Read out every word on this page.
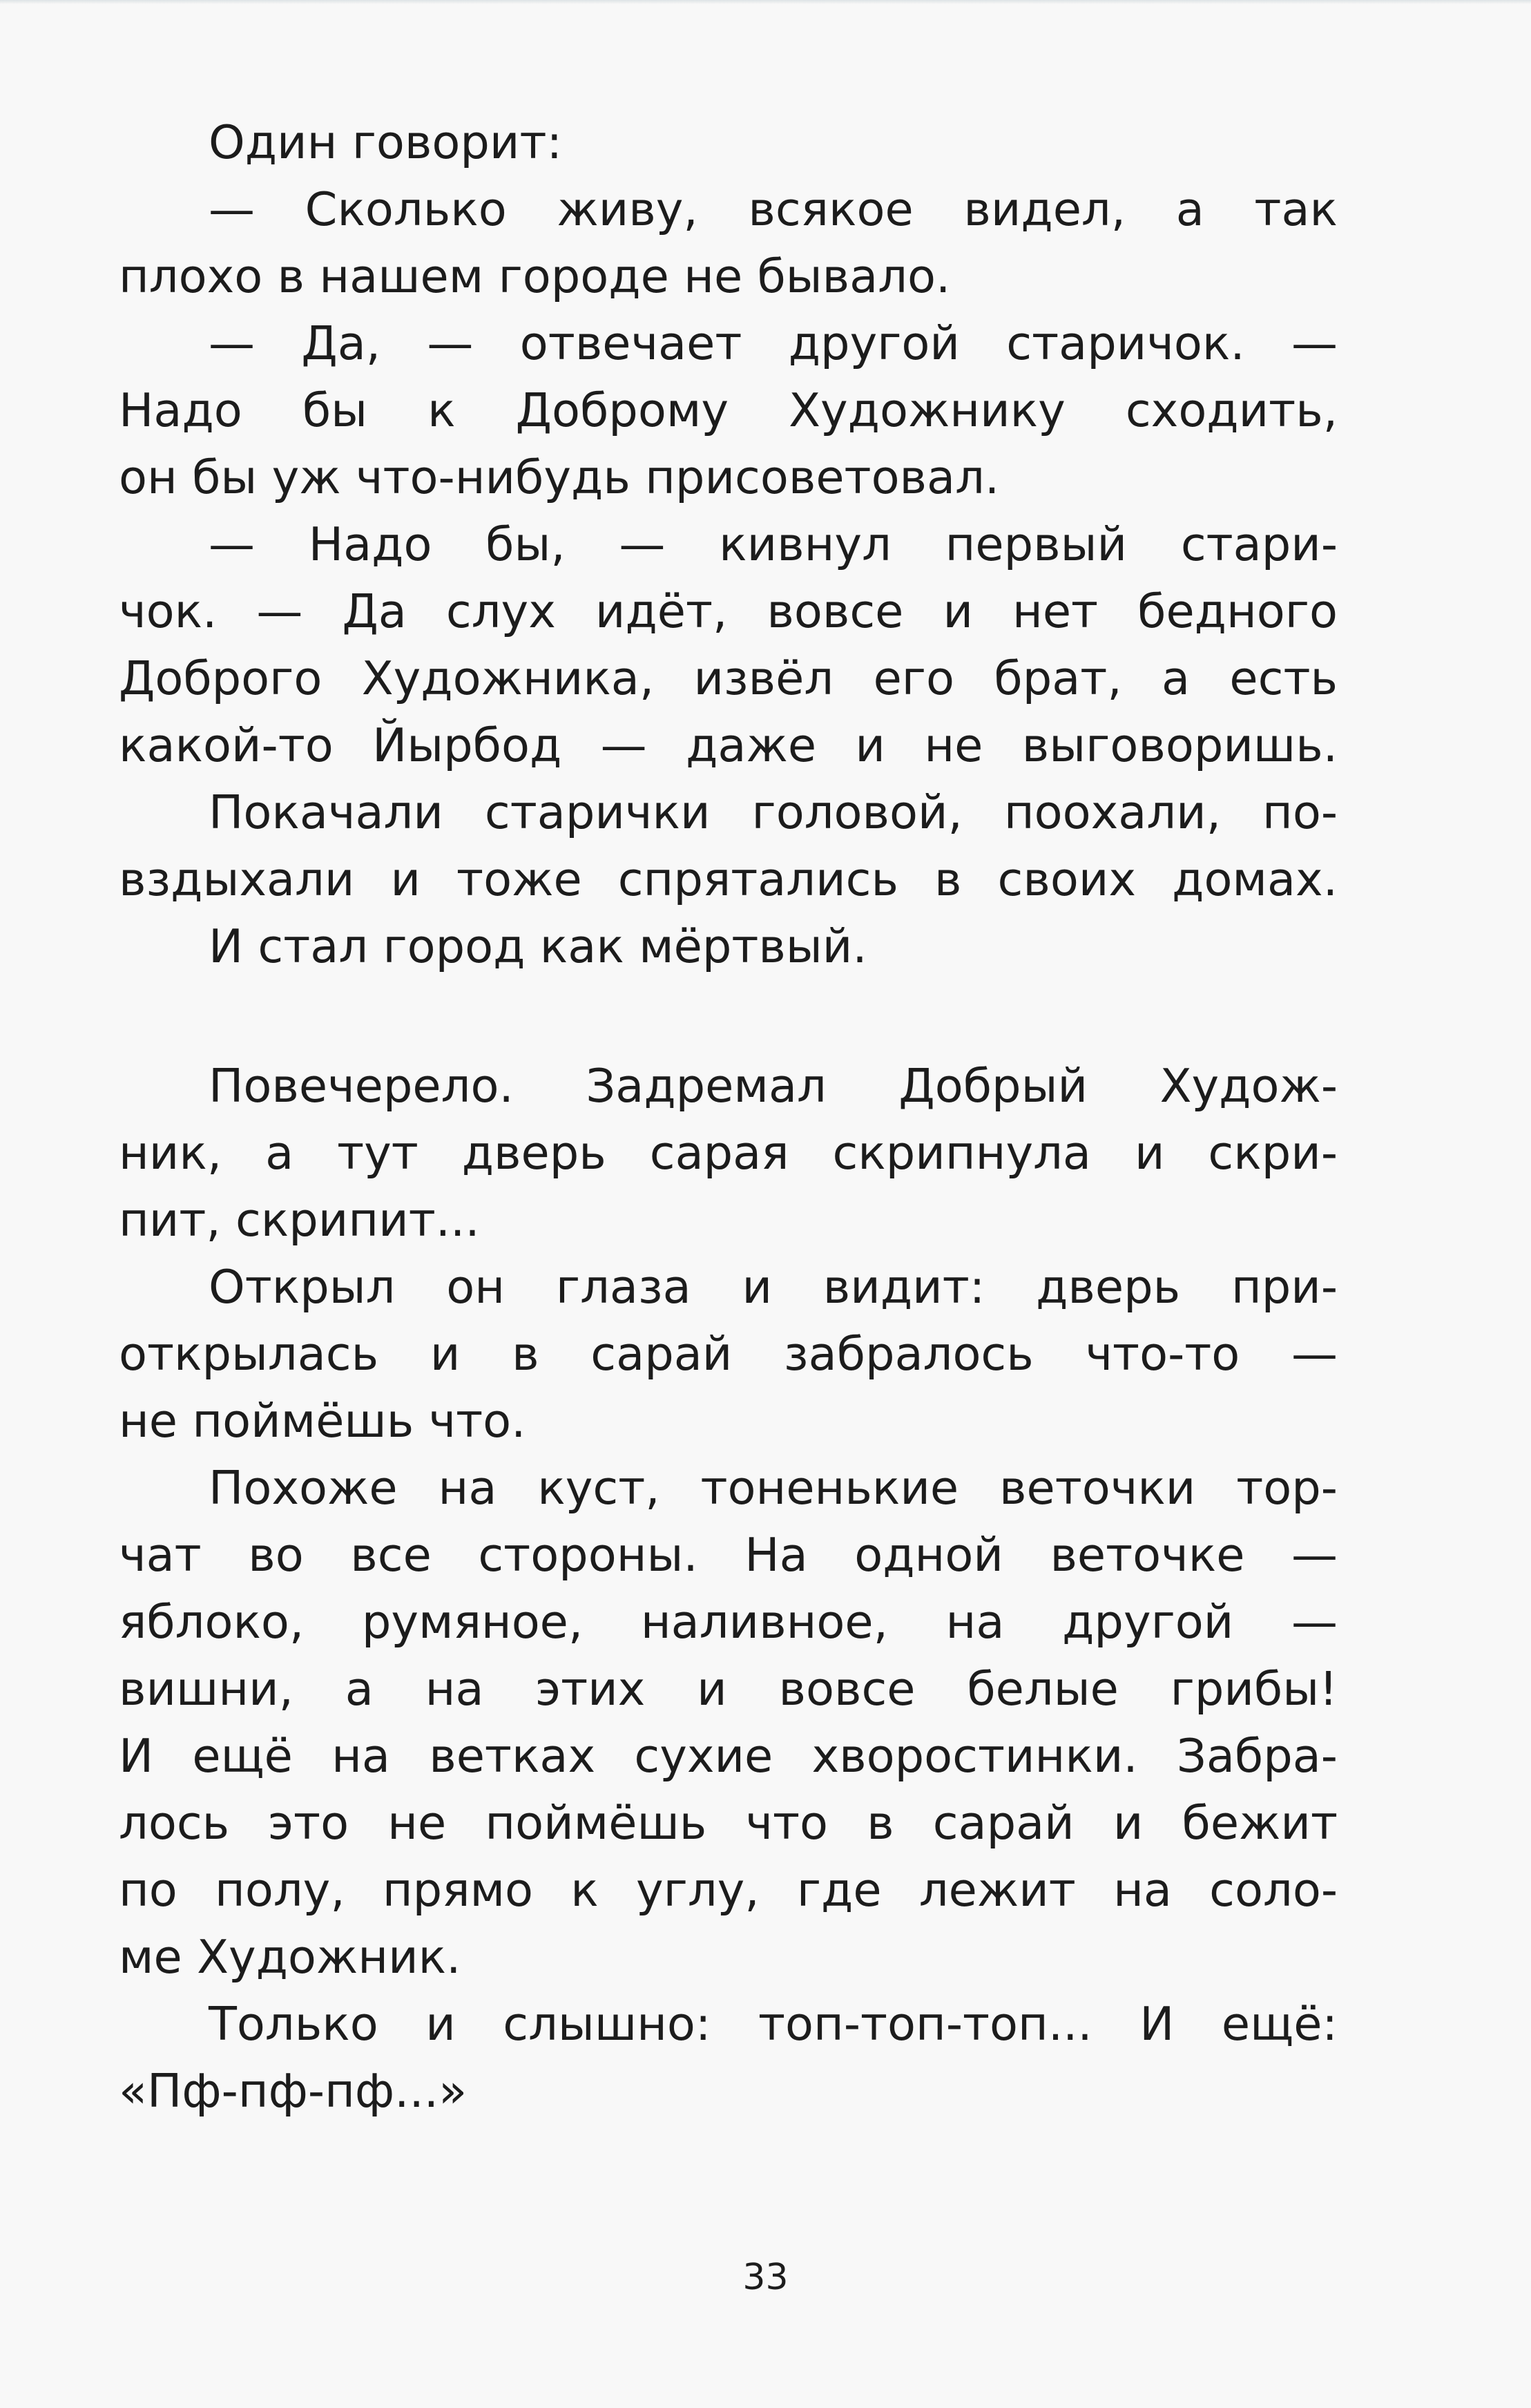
Один говорит:
— Сколько живу, всякое видел, а так
плохо в нашем городе не бывало.
— Да, — отвечает другой старичок. —
Надо бы к Доброму Художнику сходить,
он бы уж что-нибудь присоветовал.
— Надо бы, — кивнул первый стари-
чок. — Да слух идёт, вовсе и нет бедного
Доброго Художника, извёл его брат, а есть
какой-то Йырбод — даже и не выговоришь.
Покачали старички головой, поохали, по-
вздыхали и тоже спрятались в своих домах.
И стал город как мёртвый.
Повечерело. Задремал Добрый Худож-
ник, а тут дверь сарая скрипнула и скри-
пит, скрипит...
Открыл он глаза и видит: дверь при-
открылась и в сарай забралось что-то —
не поймёшь что.
Похоже на куст, тоненькие веточки тор-
чат во все стороны. На одной веточке —
яблоко, румяное, наливное, на другой —
вишни, а на этих и вовсе белые грибы!
И ещё на ветках сухие хворостинки. Забра-
лось это не поймёшь что в сарай и бежит
по полу, прямо к углу, где лежит на соло-
ме Художник.
Только и слышно: топ-топ-топ... И ещё:
«Пф-пф-пф...»
33
